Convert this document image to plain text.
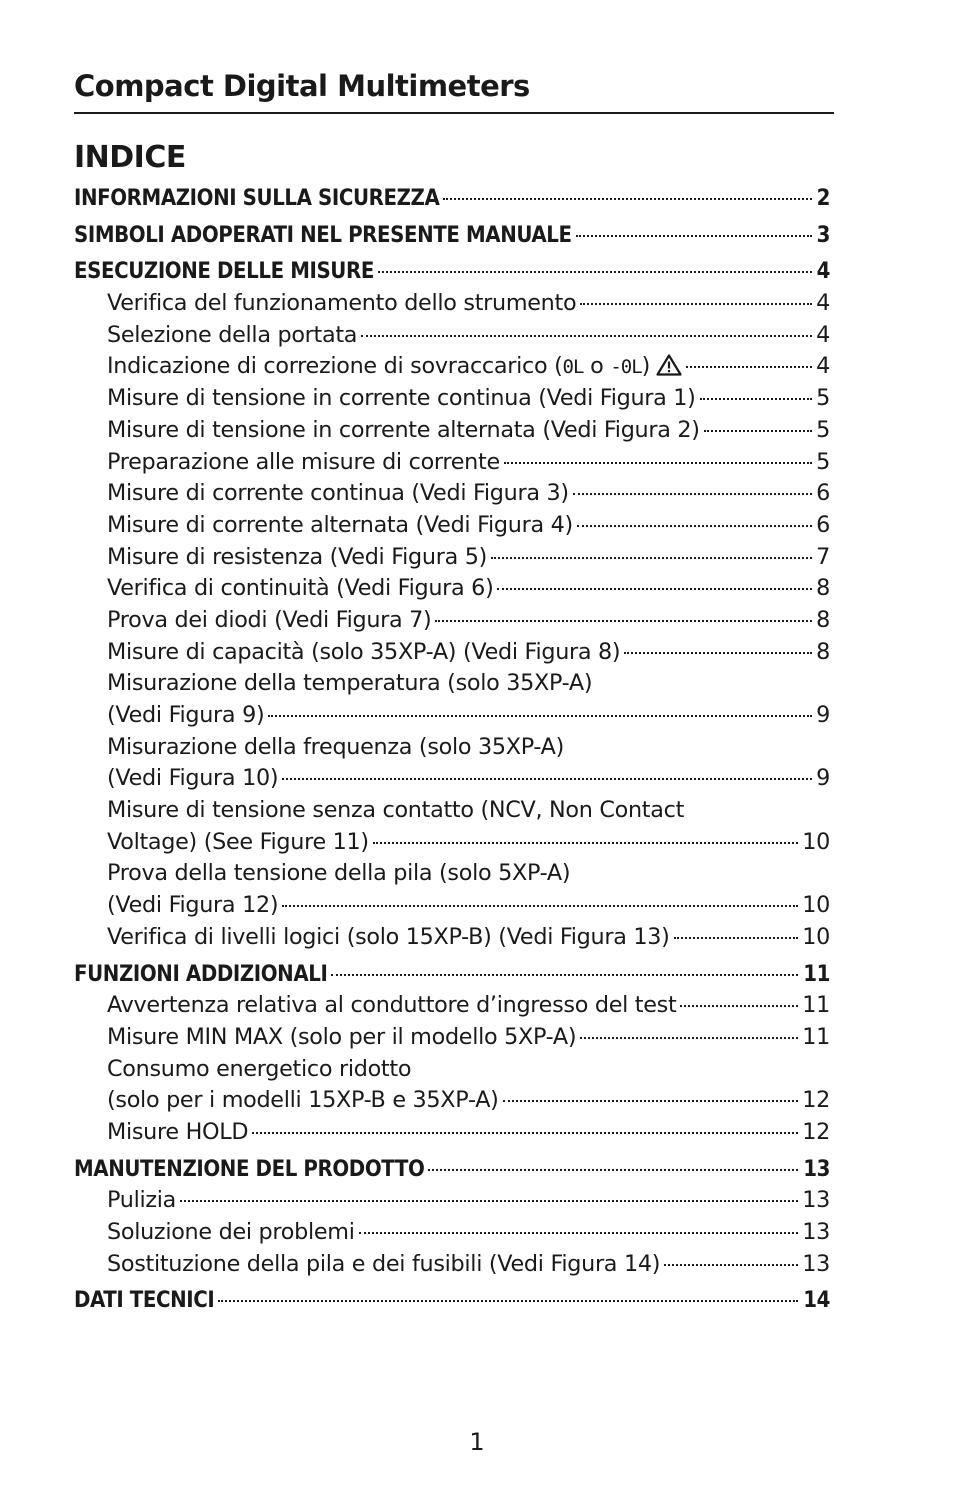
Compact Digital Multimeters
INDICE
INFORMAZIONI SULLA SICUREZZA	2
SIMBOLI ADOPERATI NEL PRESENTE MANUALE	3
ESECUZIONE DELLE MISURE	4
Verifica del funzionamento dello strumento	4
Selezione della portata	4
Indicazione di correzione di sovraccarico (0L o -0L)	4
Misure di tensione in corrente continua (Vedi Figura 1)	5
Misure di tensione in corrente alternata (Vedi Figura 2)	5
Preparazione alle misure di corrente	5
Misure di corrente continua (Vedi Figura 3)	6
Misure di corrente alternata (Vedi Figura 4)	6
Misure di resistenza (Vedi Figura 5)	7
Verifica di continuità (Vedi Figura 6)	8
Prova dei diodi (Vedi Figura 7)	8
Misure di capacità (solo 35XP-A) (Vedi Figura 8)	8
Misurazione della temperatura (solo 35XP-A)
(Vedi Figura 9)	9
Misurazione della frequenza (solo 35XP-A)
(Vedi Figura 10)	9
Misure di tensione senza contatto (NCV, Non Contact
Voltage) (See Figure 11)	10
Prova della tensione della pila (solo 5XP-A)
(Vedi Figura 12)	10
Verifica di livelli logici (solo 15XP-B) (Vedi Figura 13)	10
FUNZIONI ADDIZIONALI	11
Avvertenza relativa al conduttore d’ingresso del test	11
Misure MIN MAX (solo per il modello 5XP-A)	11
Consumo energetico ridotto
(solo per i modelli 15XP-B e 35XP-A)	12
Misure HOLD	12
MANUTENZIONE DEL PRODOTTO	13
Pulizia	13
Soluzione dei problemi	13
Sostituzione della pila e dei fusibili (Vedi Figura 14)	13
DATI TECNICI	14
1
